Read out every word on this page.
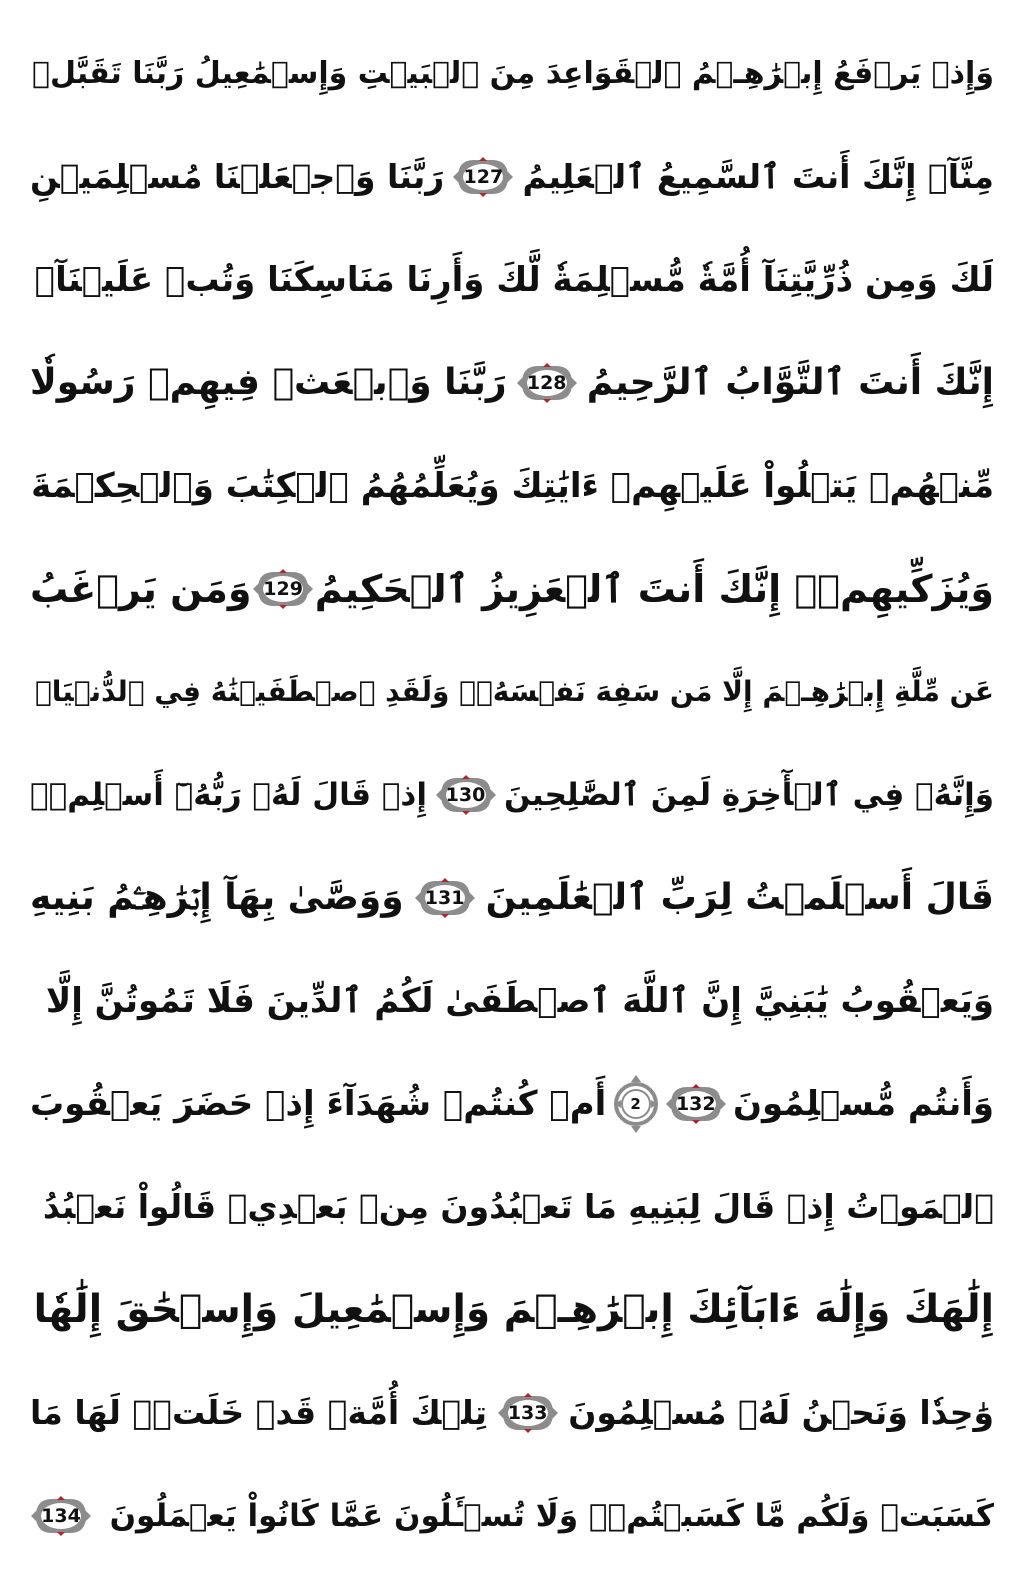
وَإِذۡ يَرۡفَعُ إِبۡرَٰهِـۧمُ ٱلۡقَوَاعِدَ مِنَ ٱلۡبَيۡتِ وَإِسۡمَٰعِيلُ رَبَّنَا تَقَبَّلۡ
مِنَّآۖ إِنَّكَ أَنتَ ٱلسَّمِيعُ ٱلۡعَلِيمُ
127
رَبَّنَا وَٱجۡعَلۡنَا مُسۡلِمَيۡنِ
لَكَ وَمِن ذُرِّيَّتِنَآ أُمَّةٗ مُّسۡلِمَةٗ لَّكَ وَأَرِنَا مَنَاسِكَنَا وَتُبۡ عَلَيۡنَآۖ
إِنَّكَ أَنتَ ٱلتَّوَّابُ ٱلرَّحِيمُ
128
رَبَّنَا وَٱبۡعَثۡ فِيهِمۡ رَسُولٗا
مِّنۡهُمۡ يَتۡلُواْ عَلَيۡهِمۡ ءَايَٰتِكَ وَيُعَلِّمُهُمُ ٱلۡكِتَٰبَ وَٱلۡحِكۡمَةَ
وَيُزَكِّيهِمۡۖ إِنَّكَ أَنتَ ٱلۡعَزِيزُ ٱلۡحَكِيمُ
129
وَمَن يَرۡغَبُ
عَن مِّلَّةِ إِبۡرَٰهِـۧمَ إِلَّا مَن سَفِهَ نَفۡسَهُۥۚ وَلَقَدِ ٱصۡطَفَيۡنَٰهُ فِي ٱلدُّنۡيَاۖ
وَإِنَّهُۥ فِي ٱلۡأٓخِرَةِ لَمِنَ ٱلصَّٰلِحِينَ
130
إِذۡ قَالَ لَهُۥ رَبُّهُۥٓ أَسۡلِمۡۖ
قَالَ أَسۡلَمۡتُ لِرَبِّ ٱلۡعَٰلَمِينَ
131
وَوَصَّىٰ بِهَآ إِبۡرَٰهِـۧمُ بَنِيهِ
وَيَعۡقُوبُ يَٰبَنِيَّ إِنَّ ٱللَّهَ ٱصۡطَفَىٰ لَكُمُ ٱلدِّينَ فَلَا تَمُوتُنَّ إِلَّا
وَأَنتُم مُّسۡلِمُونَ
132
2
أَمۡ كُنتُمۡ شُهَدَآءَ إِذۡ حَضَرَ يَعۡقُوبَ
ٱلۡمَوۡتُ إِذۡ قَالَ لِبَنِيهِ مَا تَعۡبُدُونَ مِنۢ بَعۡدِيۖ قَالُواْ نَعۡبُدُ
إِلَٰهَكَ وَإِلَٰهَ ءَابَآئِكَ إِبۡرَٰهِـۧمَ وَإِسۡمَٰعِيلَ وَإِسۡحَٰقَ إِلَٰهٗا
وَٰحِدٗا وَنَحۡنُ لَهُۥ مُسۡلِمُونَ
133
تِلۡكَ أُمَّةٞ قَدۡ خَلَتۡۖ لَهَا مَا
كَسَبَتۡ وَلَكُم مَّا كَسَبۡتُمۡۖ وَلَا تُسۡـَٔلُونَ عَمَّا كَانُواْ يَعۡمَلُونَ
134
